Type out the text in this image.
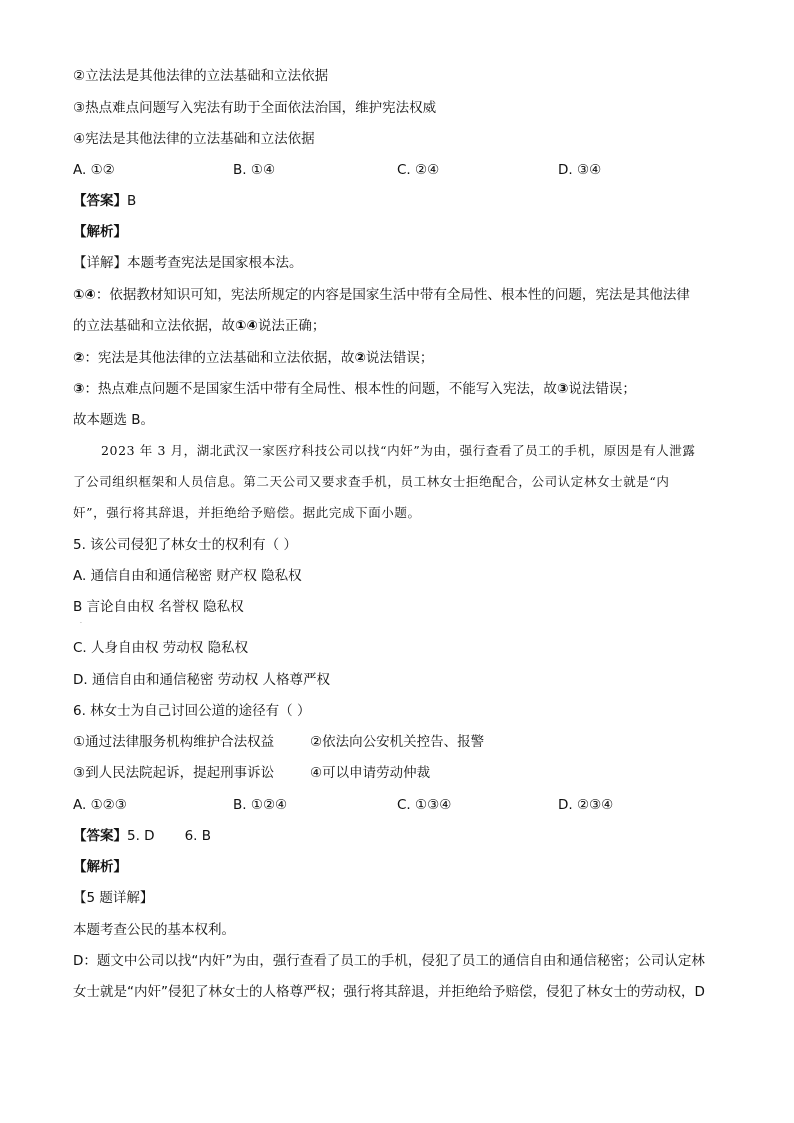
②立法法是其他法律的立法基础和立法依据
③热点难点问题写入宪法有助于全面依法治国，维护宪法权威
④宪法是其他法律的立法基础和立法依据
A. ①②	B. ①④	C. ②④	D. ③④
【答案】B
【解析】
【详解】本题考查宪法是国家根本法。
①④：依据教材知识可知，宪法所规定的内容是国家生活中带有全局性、根本性的问题，宪法是其他法律
的立法基础和立法依据，故①④说法正确；
②：宪法是其他法律的立法基础和立法依据，故②说法错误；
③：热点难点问题不是国家生活中带有全局性、根本性的问题，不能写入宪法，故③说法错误；
故本题选 B。
2023 年 3 月，湖北武汉一家医疗科技公司以找“内奸”为由，强行查看了员工的手机，原因是有人泄露
了公司组织框架和人员信息。第二天公司又要求查手机，员工林女士拒绝配合，公司认定林女士就是“内
奸”，强行将其辞退，并拒绝给予赔偿。据此完成下面小题。
5. 该公司侵犯了林女士的权利有（ ）
A. 通信自由和通信秘密 财产权 隐私权
B 言论自由权 名誉权 隐私权
·
C. 人身自由权 劳动权 隐私权
D. 通信自由和通信秘密 劳动权 人格尊严权
6. 林女士为自己讨回公道的途径有（ ）
①通过法律服务机构维护合法权益	②依法向公安机关控告、报警
③到人民法院起诉，提起刑事诉讼	④可以申请劳动仲裁
A. ①②③	B. ①②④	C. ①③④	D. ②③④
【答案】5. D 6. B
【解析】
【5 题详解】
本题考查公民的基本权利。
D：题文中公司以找“内奸”为由，强行查看了员工的手机，侵犯了员工的通信自由和通信秘密；公司认定林
女士就是“内奸”侵犯了林女士的人格尊严权；强行将其辞退，并拒绝给予赔偿，侵犯了林女士的劳动权，D
